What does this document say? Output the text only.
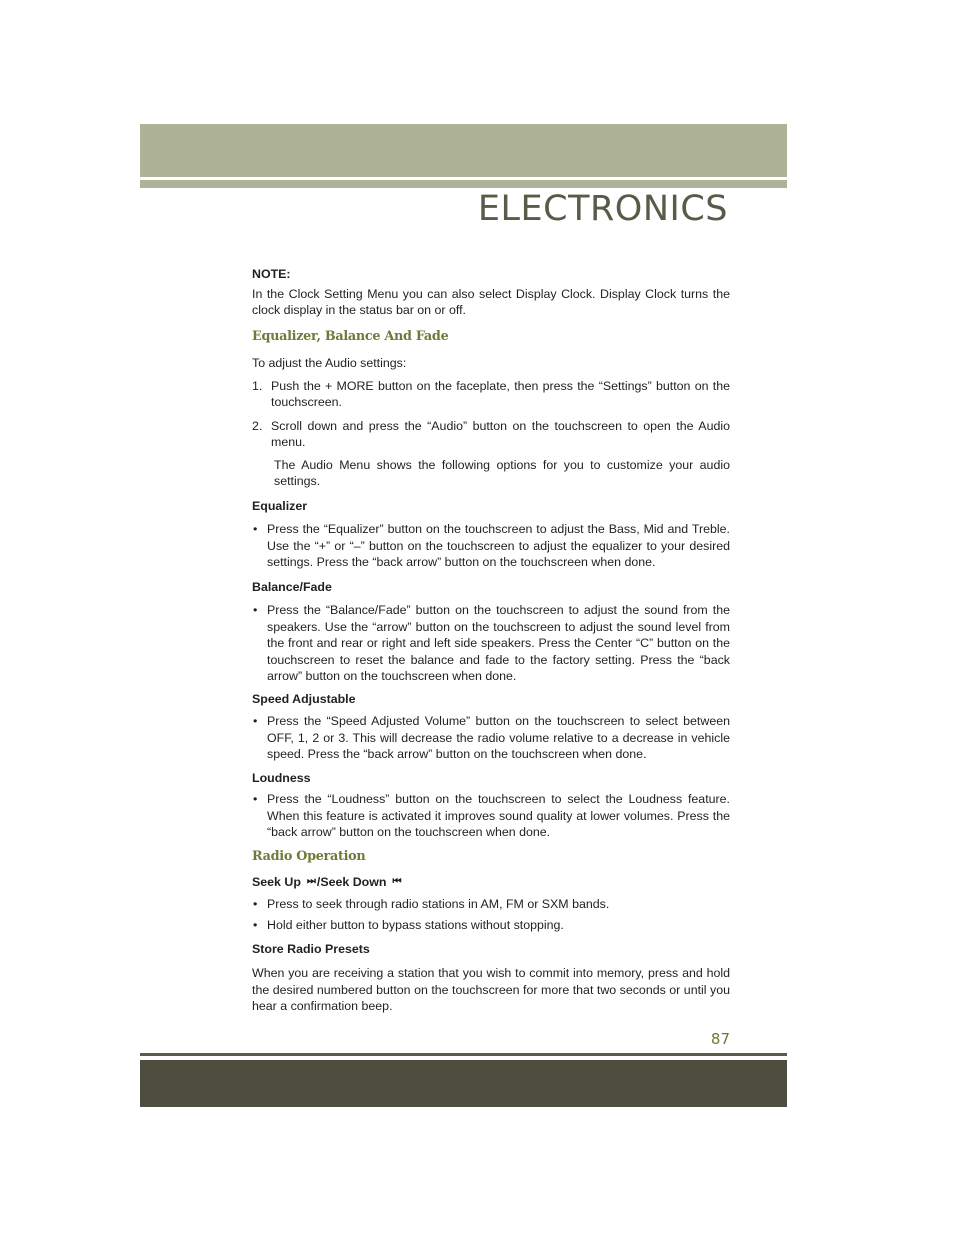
ELECTRONICS

NOTE:

In the Clock Setting Menu you can also select Display Clock. Display Clock turns the clock display in the status bar on or off.

Equalizer, Balance And Fade

To adjust the Audio settings:

1. Push the + MORE button on the faceplate, then press the “Settings” button on the touchscreen.
2. Scroll down and press the “Audio” button on the touchscreen to open the Audio menu.

The Audio Menu shows the following options for you to customize your audio settings.

Equalizer

• Press the “Equalizer” button on the touchscreen to adjust the Bass, Mid and Treble. Use the “+” or “–” button on the touchscreen to adjust the equalizer to your desired settings. Press the “back arrow” button on the touchscreen when done.

Balance/Fade

• Press the “Balance/Fade” button on the touchscreen to adjust the sound from the speakers. Use the “arrow” button on the touchscreen to adjust the sound level from the front and rear or right and left side speakers. Press the Center “C” button on the touchscreen to reset the balance and fade to the factory setting. Press the “back arrow” button on the touchscreen when done.

Speed Adjustable

• Press the “Speed Adjusted Volume” button on the touchscreen to select between OFF, 1, 2 or 3. This will decrease the radio volume relative to a decrease in vehicle speed. Press the “back arrow” button on the touchscreen when done.

Loudness

• Press the “Loudness” button on the touchscreen to select the Loudness feature. When this feature is activated it improves sound quality at lower volumes. Press the “back arrow” button on the touchscreen when done.

Radio Operation

Seek Up ⏭ /Seek Down ⏮
• Press to seek through radio stations in AM, FM or SXM bands.
• Hold either button to bypass stations without stopping.

Store Radio Presets

When you are receiving a station that you wish to commit into memory, press and hold the desired numbered button on the touchscreen for more that two seconds or until you hear a confirmation beep.

87
